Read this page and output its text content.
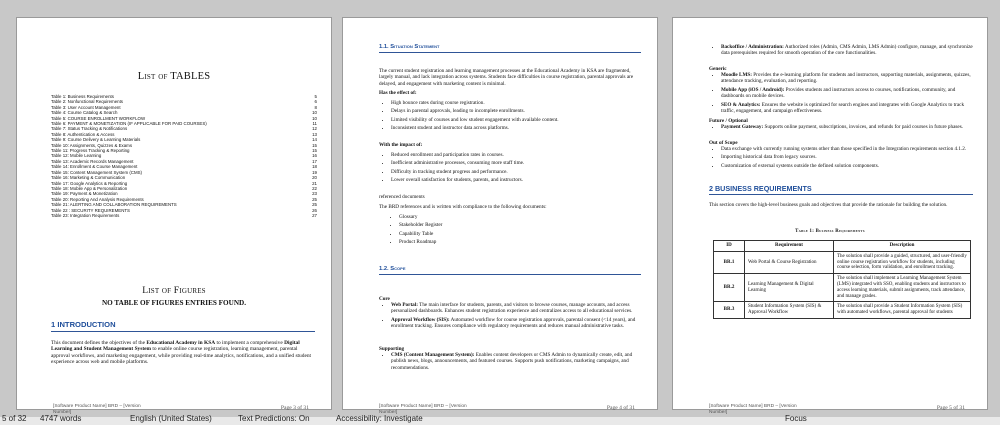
List of TABLES
Table 1: Business Requirements	5
Table 2: Nonfunctional Requirements	6
Table 3: User Account Management	8
Table 4: Course Catalog & Search	10
Table 5: COURSE ENROLLMENT WORKFLOW	10
Table 6: PAYMENT & MONETIZATION (IF APPLICABLE FOR PAID COURSES)	11
Table 7: Status Tracking & Notifications	12
Table 8: Authentication & Access	13
Table 9: Course Delivery & Learning Materials	14
Table 10: Assignments, Quizzes & Exams	15
Table 11: Progress Tracking & Reporting	15
Table 12: Mobile Learning	16
Table 13: Academic Records Management	17
Table 14: Enrollment & Course Management	18
Table 15: Content Management System (CMS)	19
Table 16: Marketing & Communication	20
Table 17: Google Analytics & Reporting	21
Table 18: Mobile App & Personalization	22
Table 19: Payment & Monetization	23
Table 20: Reporting And Analysis Requirements	25
Table 21: ALERTING AND COLLABORATION REQUIREMENTS	25
Table 22 : SECURITY REQUIREMENTS	26
Table 23: Integration Requirements	27
List of Figures
NO TABLE OF FIGURES ENTRIES FOUND.
1 INTRODUCTION
This document defines the objectives of the Educational Academy in KSA to implement a comprehensive Digital Learning and Student Management System to enable online course registration, learning management, parental approval workflows, and marketing engagement, while providing real-time analytics, notifications, and a unified student experience across web and mobile platforms.
[Software Product Name] BRD – [Version Number]
Page 3 of 31
1.1. Situation Statement
The current student registration and learning management processes at the Educational Academy in KSA are fragmented, largely manual, and lack integration across systems. Students face difficulties in course registration, parental approvals are delayed, and engagement with marketing content is minimal.
Has the effect of:
• High bounce rates during course registration.
• Delays in parental approvals, leading to incomplete enrollments.
• Limited visibility of courses and low student engagement with available content.
• Inconsistent student and instructor data across platforms.
With the impact of:
• Reduced enrollment and participation rates in courses.
• Inefficient administrative processes, consuming more staff time.
• Difficulty in tracking student progress and performance.
• Lower overall satisfaction for students, parents, and instructors.
referenced documents
The BRD references and is written with compliance to the following documents:
• Glossary
• Stakeholder Register
• Capability Table
• Product Roadmap
1.2. Scope
Core
• Web Portal: The main interface for students, parents, and visitors to browse courses, manage accounts, and access personalized dashboards. Enhances student registration experience and centralizes access to all educational services.
• Approval Workflow (SIS): Automated workflow for course registration approvals, parental consent (<14 years), and enrollment tracking. Ensures compliance with regulatory requirements and reduces manual administrative tasks.
Supporting
• CMS (Content Management System): Enables content developers or CMS Admin to dynamically create, edit, and publish news, blogs, announcements, and featured courses. Supports push notifications, marketing campaigns, and recommendations.
[Software Product Name] BRD – [Version Number]
Page 4 of 31
• Backoffice / Administration: Authorized roles (Admin, CMS Admin, LMS Admin) configure, manage, and synchronize data prerequisites required for smooth operation of the core functionalities.
Generic
• Moodle LMS: Provides the e-learning platform for students and instructors, supporting materials, assignments, quizzes, attendance tracking, evaluation, and reporting.
• Mobile App (iOS / Android): Provides students and instructors access to courses, notifications, community, and dashboards on mobile devices.
• SEO & Analytics: Ensures the website is optimized for search engines and integrates with Google Analytics to track traffic, engagement, and campaign effectiveness.
Future / Optional
• Payment Gateway: Supports online payment, subscriptions, invoices, and refunds for paid courses in future phases.
Out of Scope
• Data exchange with currently running systems other than those specified in the Integration requirements section 4.1.2.
• Importing historical data from legacy sources.
• Customization of external systems outside the defined solution components.
2 BUSINESS REQUIREMENTS
This section covers the high-level business goals and objectives that provide the rationale for building the solution.
Table 1: Business Requirements
ID	Requirement	Description
BR.1	Web Portal & Course Registration	The solution shall provide a guided, structured, and user-friendly online course registration workflow for students, including course selection, form validation, and enrollment tracking.
BR.2	Learning Management & Digital Learning	The solution shall implement a Learning Management System (LMS) integrated with SSO, enabling students and instructors to access learning materials, submit assignments, track attendance, and manage grades.
BR.3	Student Information System (SIS) & Approval Workflow	The solution shall provide a Student Information System (SIS) with automated workflows, parental approval for students
[Software Product Name] BRD – [Version Number]
Page 5 of 31
5 of 32 4747 words	English (United States)	Text Predictions: On	Accessibility: Investigate	Focus
